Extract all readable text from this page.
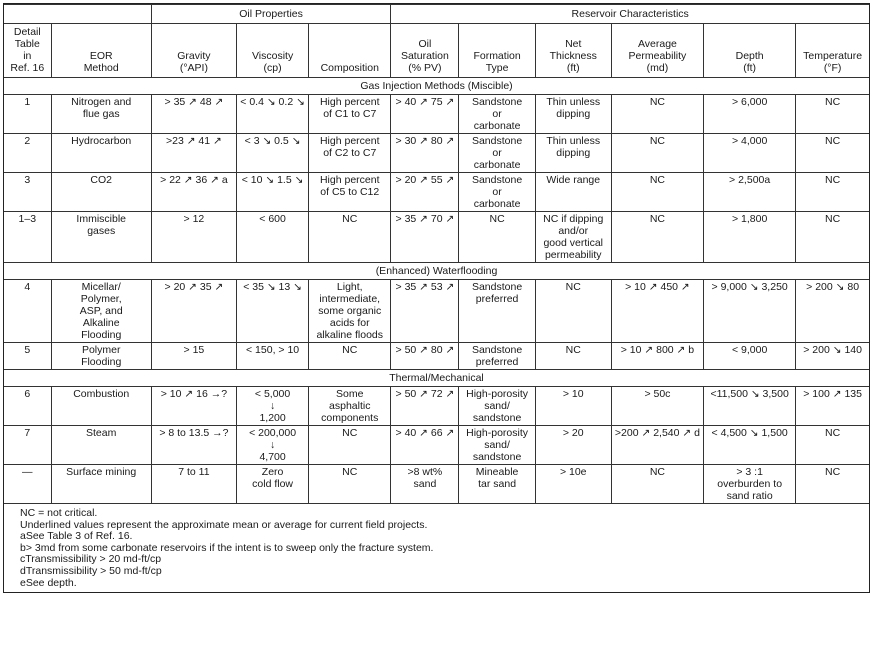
		Oil Properties			Reservoir Characteristics					

Detail
Table
in
Ref. 16	EOR
Method	Gravity
(°API)	Viscosity
(cp)	Composition	Oil
Saturation
(% PV)	Formation
Type	Net
Thickness
(ft)	Average
Permeability
(md)	Depth
(ft)	Temperature
(°F)

Gas Injection Methods (Miscible)										

1	Nitrogen and
flue gas	> 35 ↗ 48 ↗	< 0.4 ↘ 0.2 ↘	High percent
of C1 to C7	> 40 ↗ 75 ↗	Sandstone
or
carbonate	Thin unless
dipping	NC	> 6,000	NC

2	Hydrocarbon	>23 ↗ 41 ↗	< 3 ↘ 0.5 ↘	High percent
of C2 to C7	> 30 ↗ 80 ↗	Sandstone
or
carbonate	Thin unless
dipping	NC	> 4,000	NC

3	CO2	> 22 ↗ 36 ↗ a	< 10 ↘ 1.5 ↘	High percent
of C5 to C12	> 20 ↗ 55 ↗	Sandstone
or
carbonate	Wide range	NC	> 2,500a	NC

1–3	Immiscible
gases	> 12	< 600	NC	> 35 ↗ 70 ↗	NC	NC if dipping
and/or
good vertical
permeability	NC	> 1,800	NC

(Enhanced) Waterflooding										

4	Micellar/
Polymer,
ASP, and
Alkaline
Flooding	> 20 ↗ 35 ↗	< 35 ↘ 13 ↘	Light,
intermediate,
some organic
acids for
alkaline floods	> 35 ↗ 53 ↗	Sandstone
preferred	NC	> 10 ↗ 450 ↗	> 9,000 ↘ 3,250	> 200 ↘ 80

5	Polymer
Flooding	> 15	< 150, > 10	NC	> 50 ↗ 80 ↗	Sandstone
preferred	NC	> 10 ↗ 800 ↗ b	< 9,000	> 200 ↘ 140

Thermal/Mechanical										

6	Combustion	> 10 ↗ 16 →?	< 5,000
↓
1,200	Some
asphaltic
components	> 50 ↗ 72 ↗	High-porosity
sand/
sandstone	> 10	> 50c	<11,500 ↘ 3,500	> 100 ↗ 135

7	Steam	> 8 to 13.5 →?	< 200,000
↓
4,700	NC	> 40 ↗ 66 ↗	High-porosity
sand/
sandstone	> 20	>200 ↗ 2,540 ↗ d	< 4,500 ↘ 1,500	NC

—	Surface mining	7 to 11	Zero
cold flow	NC	>8 wt%
sand	Mineable
tar sand	> 10e	NC	> 3 :1
overburden to
sand ratio	NC
NC = not critical.
Underlined values represent the approximate mean or average for current field projects.
aSee Table 3 of Ref. 16.
b> 3md from some carbonate reservoirs if the intent is to sweep only the fracture system.
cTransmissibility > 20 md-ft/cp
dTransmissibility > 50 md-ft/cp
eSee depth.
